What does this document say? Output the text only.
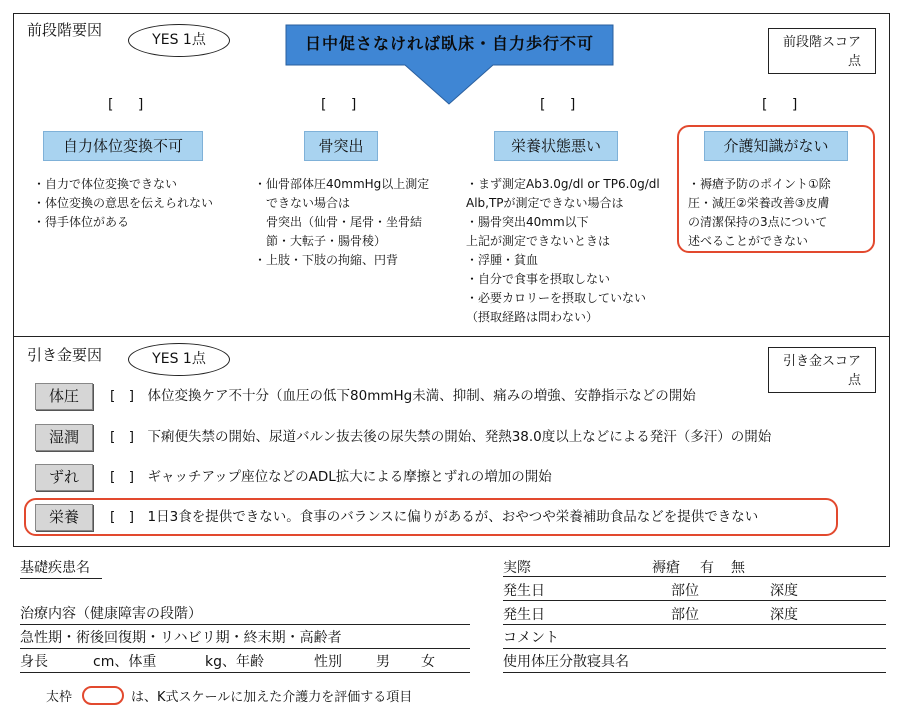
前段階要因
YES 1点	前段階スコア
点
日中促さなければ臥床・自力歩行不可
[ ]	[ ]	[ ]	[ ]
自力体位変換不可	骨突出	栄養状態悪い	介護知識がない
・自力で体位変換できない
・体位変換の意思を伝えられない
・得手体位がある
・仙骨部体圧40mmHg以上測定
　できない場合は
　骨突出（仙骨・尾骨・坐骨結
　節・大転子・腸骨稜）
・上肢・下肢の拘縮、円背
・まず測定Ab3.0g/dl or TP6.0g/dl
Alb,TPが測定できない場合は
・腸骨突出40mm以下
上記が測定できないときは
・浮腫・貧血
・自分で食事を摂取しない
・必要カロリーを摂取していない
（摂取経路は問わない）
・褥瘡予防のポイント①除
圧・減圧②栄養改善③皮膚
の清潔保持の3点について
述べることができない
引き金要因	YES 1点	引き金スコア
点
体圧	[　]　体位変換ケア不十分（血圧の低下80mmHg未満、抑制、痛みの増強、安静指示などの開始
湿潤	[　]　下痢便失禁の開始、尿道バルン抜去後の尿失禁の開始、発熱38.0度以上などによる発汗（多汗）の開始
ずれ	[　]　ギャッチアップ座位などのADL拡大による摩擦とずれの増加の開始
栄養	[　]　1日3食を提供できない。食事のバランスに偏りがあるが、おやつや栄養補助食品などを提供できない
基礎疾患名
治療内容（健康障害の段階）
急性期・術後回復期・リハビリ期・終末期・高齢者
身長	cm、体重	kg、年齢	性別 男 女
実際	褥瘡 有 無
発生日	部位	深度
発生日	部位	深度
コメント
使用体圧分散寝具名
太枠	は、K式スケールに加えた介護力を評価する項目
